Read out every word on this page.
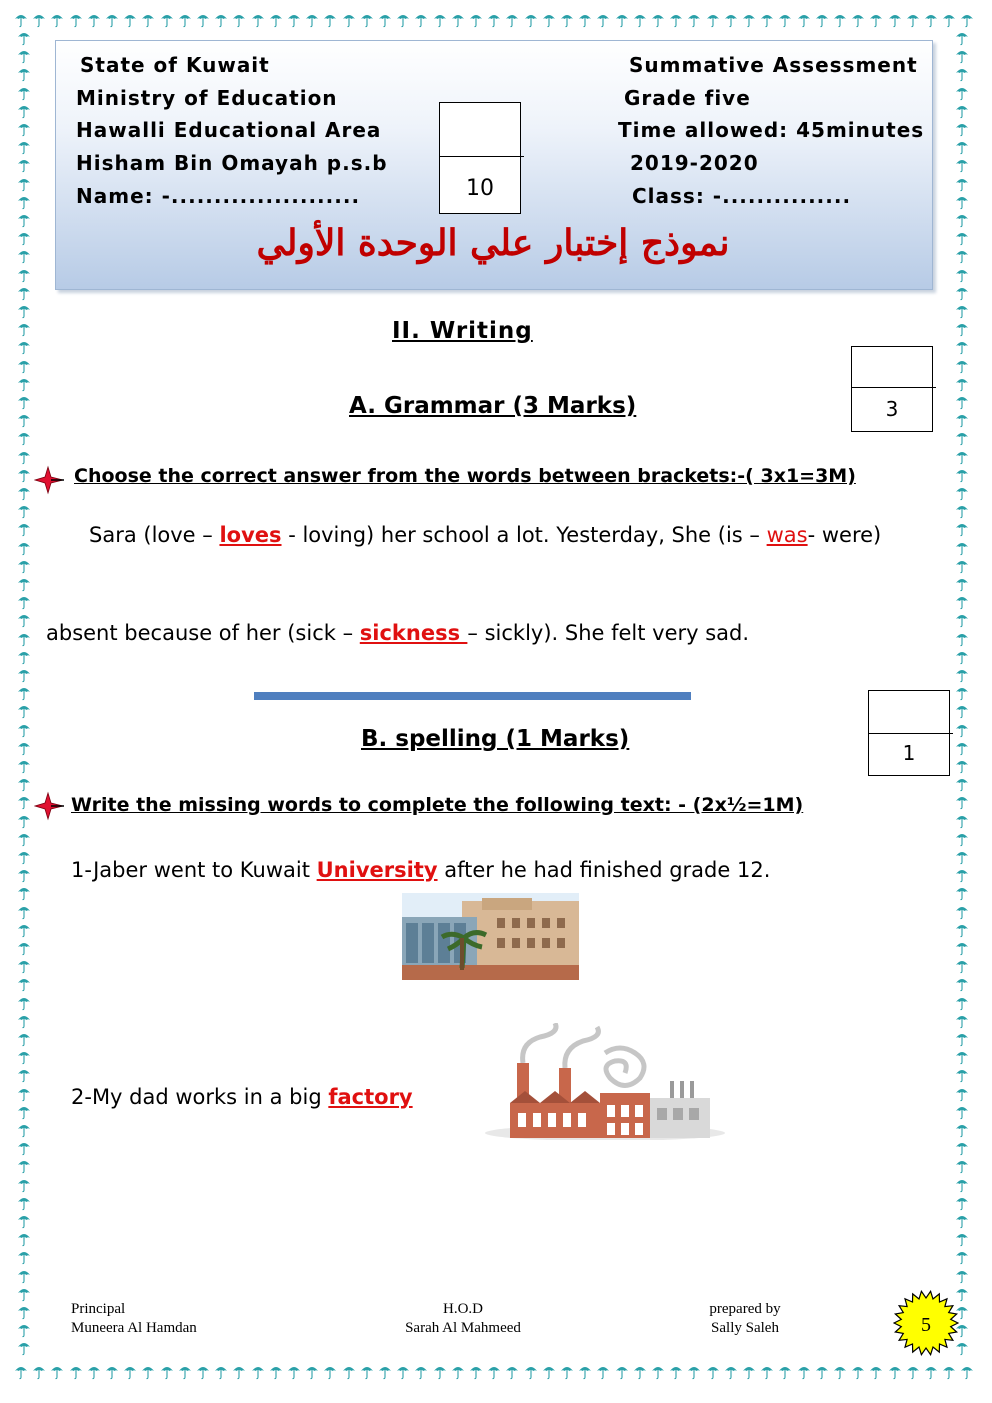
State of Kuwait
Ministry of Education
Hawalli Educational Area
Hisham Bin Omayah p.s.b
Name: -......................
Summative Assessment
Grade five
Time allowed: 45minutes
2019-2020
Class: -...............
10
نموذج إختبار علي الوحدة الأولي
II. Writing
A. Grammar (3 Marks)	3
Choose the correct answer from the words between brackets:-( 3x1=3M)
Sara (love – loves - loving) her school a lot. Yesterday, She (is – was- were)
absent because of her (sick – sickness – sickly). She felt very sad.
B. spelling (1 Marks)
1
Write the missing words to complete the following text: - (2x½=1M)
1-Jaber went to Kuwait University after he had finished grade 12.
2-My dad works in a big factory
Principal
Muneera Al Hamdan
H.O.D
Sarah Al Mahmeed
prepared by
Sally Saleh	5
